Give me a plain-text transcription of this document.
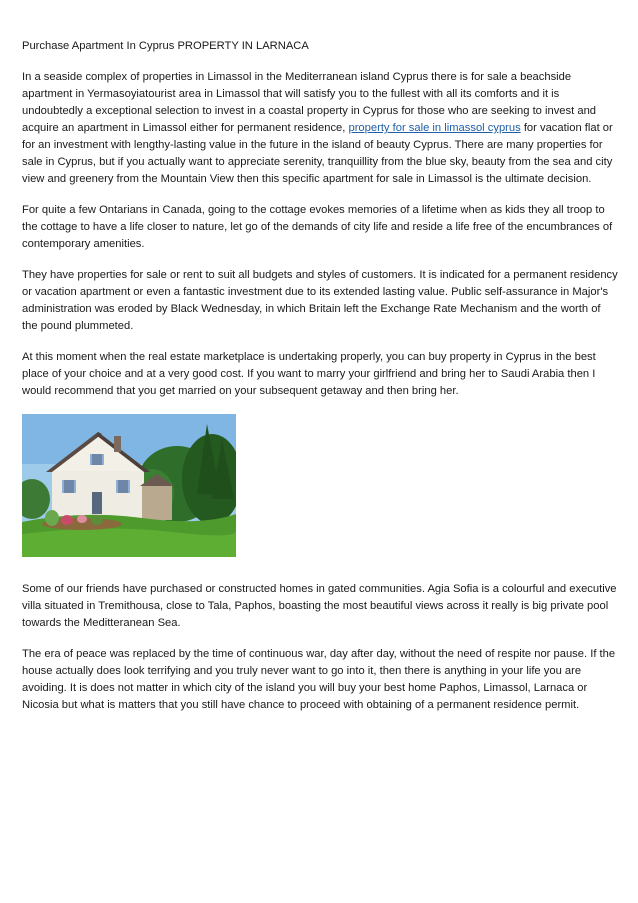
Purchase Apartment In Cyprus PROPERTY IN LARNACA

In a seaside complex of properties in Limassol in the Mediterranean island Cyprus there is for sale a beachside apartment in Yermasoyiatourist area in Limassol that will satisfy you to the fullest with all its comforts and it is undoubtedly a exceptional selection to invest in a coastal property in Cyprus for those who are seeking to invest and acquire an apartment in Limassol either for permanent residence, property for sale in limassol cyprus for vacation flat or for an investment with lengthy-lasting value in the future in the island of beauty Cyprus. There are many properties for sale in Cyprus, but if you actually want to appreciate serenity, tranquillity from the blue sky, beauty from the sea and city view and greenery from the Mountain View then this specific apartment for sale in Limassol is the ultimate decision.

For quite a few Ontarians in Canada, going to the cottage evokes memories of a lifetime when as kids they all troop to the cottage to have a life closer to nature, let go of the demands of city life and reside a life free of the encumbrances of contemporary amenities.

They have properties for sale or rent to suit all budgets and styles of customers. It is indicated for a permanent residency or vacation apartment or even a fantastic investment due to its extended lasting value. Public self-assurance in Major's administration was eroded by Black Wednesday, in which Britain left the Exchange Rate Mechanism and the worth of the pound plummeted.

At this moment when the real estate marketplace is undertaking properly, you can buy property in Cyprus in the best place of your choice and at a very good cost. If you want to marry your girlfriend and bring her to Saudi Arabia then I would recommend that you get married on your subsequent getaway and then bring her.

Some of our friends have purchased or constructed homes in gated communities. Agia Sofia is a colourful and executive villa situated in Tremithousa, close to Tala, Paphos, boasting the most beautiful views across it really is big private pool towards the Meditteranean Sea.

The era of peace was replaced by the time of continuous war, day after day, without the need of respite nor pause. If the house actually does look terrifying and you truly never want to go into it, then there is anything in your life you are avoiding. It is does not matter in which city of the island you will buy your best home Paphos, Limassol, Larnaca or Nicosia but what is matters that you still have chance to proceed with obtaining of a permanent residence permit.
